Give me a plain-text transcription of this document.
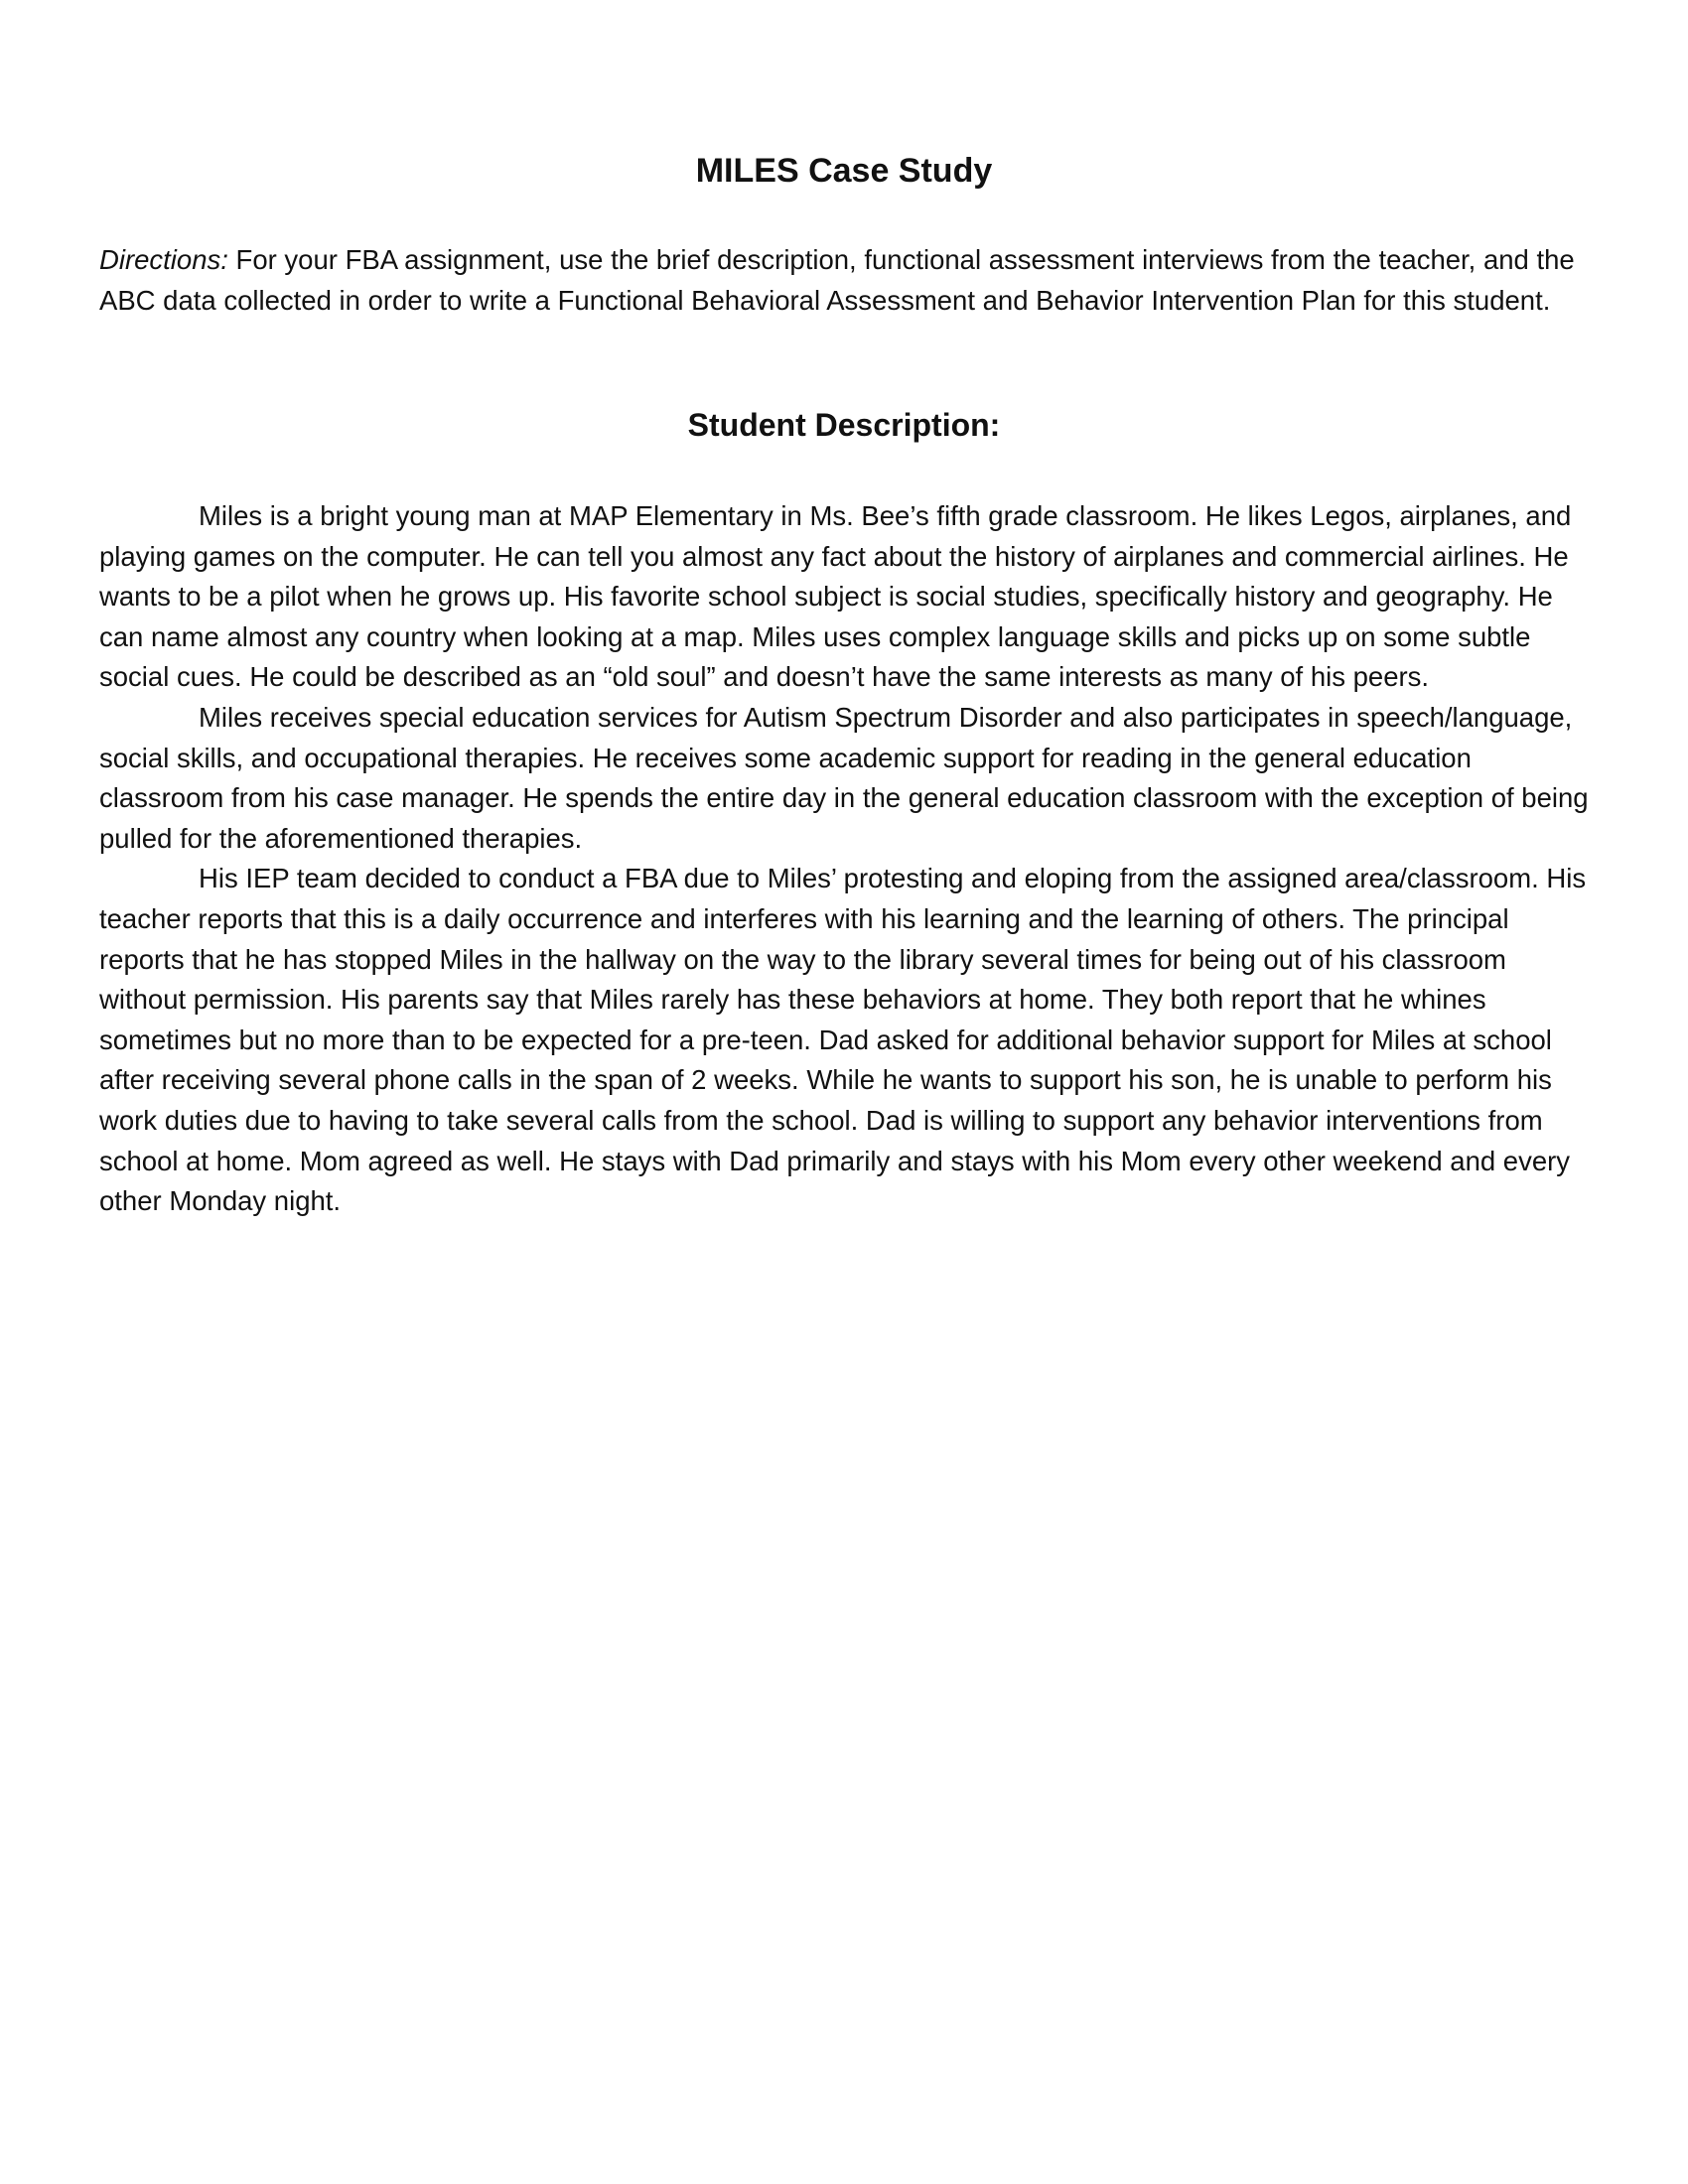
MILES Case Study

Directions: For your FBA assignment, use the brief description, functional assessment interviews from the teacher, and the ABC data collected in order to write a Functional Behavioral Assessment and Behavior Intervention Plan for this student.

Student Description:

Miles is a bright young man at MAP Elementary in Ms. Bee’s fifth grade classroom. He likes Legos, airplanes, and playing games on the computer. He can tell you almost any fact about the history of airplanes and commercial airlines. He wants to be a pilot when he grows up. His favorite school subject is social studies, specifically history and geography. He can name almost any country when looking at a map. Miles uses complex language skills and picks up on some subtle social cues. He could be described as an “old soul” and doesn’t have the same interests as many of his peers.

Miles receives special education services for Autism Spectrum Disorder and also participates in speech/language, social skills, and occupational therapies. He receives some academic support for reading in the general education classroom from his case manager. He spends the entire day in the general education classroom with the exception of being pulled for the aforementioned therapies.

His IEP team decided to conduct a FBA due to Miles’ protesting and eloping from the assigned area/classroom. His teacher reports that this is a daily occurrence and interferes with his learning and the learning of others. The principal reports that he has stopped Miles in the hallway on the way to the library several times for being out of his classroom without permission. His parents say that Miles rarely has these behaviors at home. They both report that he whines sometimes but no more than to be expected for a pre-teen. Dad asked for additional behavior support for Miles at school after receiving several phone calls in the span of 2 weeks. While he wants to support his son, he is unable to perform his work duties due to having to take several calls from the school. Dad is willing to support any behavior interventions from school at home. Mom agreed as well. He stays with Dad primarily and stays with his Mom every other weekend and every other Monday night.
